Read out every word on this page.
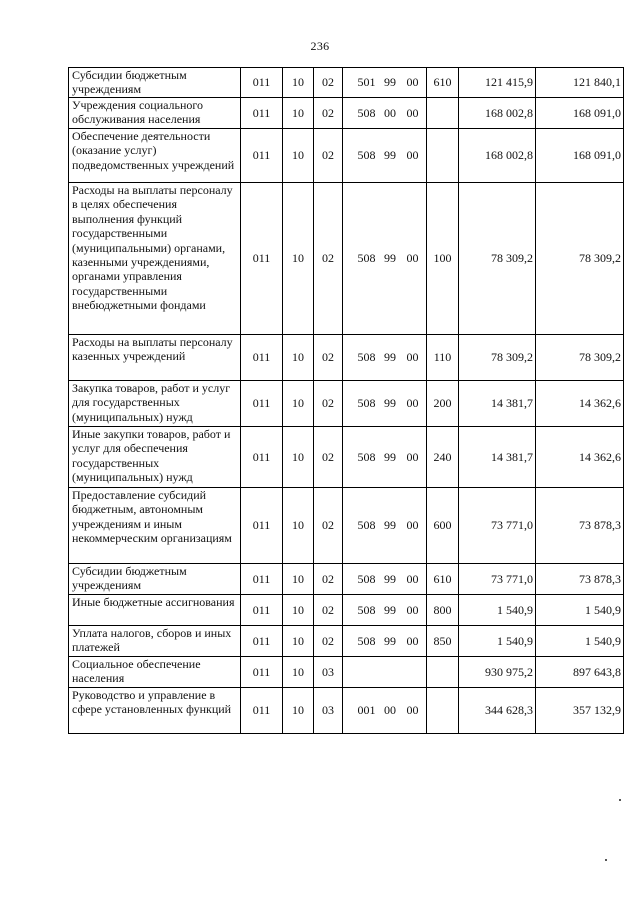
236
Субсидии бюджетным учреждениям	011	10	02	501	99	00	610	121 415,9	121 840,1
Учреждения социального обслуживания населения	011	10	02	508	00	00		168 002,8	168 091,0
Обеспечение деятельности (оказание услуг) подведомственных учреждений	011	10	02	508	99	00		168 002,8	168 091,0
Расходы на выплаты персоналу в целях обеспечения выполнения функций государственными (муниципальными) органами, казенными учреждениями, органами управления государственными внебюджетными фондами	011	10	02	508	99	00	100	78 309,2	78 309,2
Расходы на выплаты персоналу казенных учреждений	011	10	02	508	99	00	110	78 309,2	78 309,2
Закупка товаров, работ и услуг для государственных (муниципальных) нужд	011	10	02	508	99	00	200	14 381,7	14 362,6
Иные закупки товаров, работ и услуг для обеспечения государственных (муниципальных) нужд	011	10	02	508	99	00	240	14 381,7	14 362,6
Предоставление субсидий бюджетным, автономным учреждениям и иным некоммерческим организациям	011	10	02	508	99	00	600	73 771,0	73 878,3
Субсидии бюджетным учреждениям	011	10	02	508	99	00	610	73 771,0	73 878,3
Иные бюджетные ассигнования	011	10	02	508	99	00	800	1 540,9	1 540,9
Уплата налогов, сборов и иных платежей	011	10	02	508	99	00	850	1 540,9	1 540,9
Социальное обеспечение населения	011	10	03					930 975,2	897 643,8
Руководство и управление в сфере установленных функций	011	10	03	001	00	00		344 628,3	357 132,9
